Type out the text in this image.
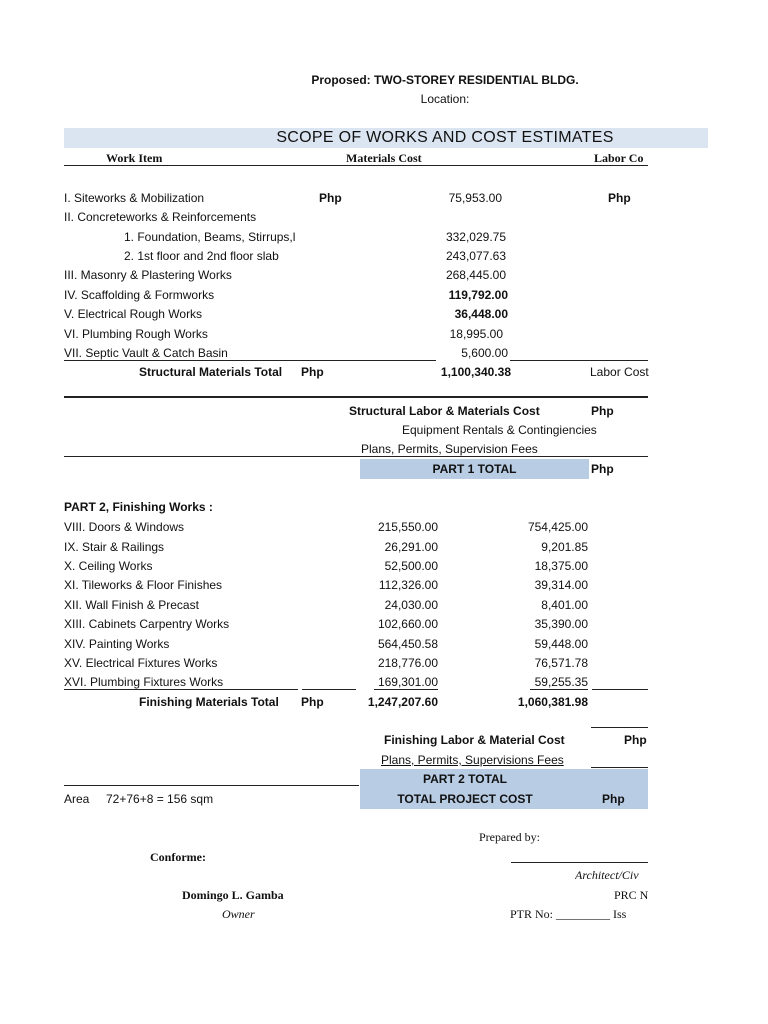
Proposed: TWO-STOREY RESIDENTIAL BLDG.
Location:
SCOPE OF WORKS AND COST ESTIMATES
Work Item	Materials Cost	Labor Co
I. Siteworks & Mobilization	Php	75,953.00	Php
II. Concreteworks & Reinforcements
1. Foundation, Beams, Stirrups,l	332,029.75
2. 1st floor and 2nd floor slab	243,077.63
III. Masonry & Plastering Works	268,445.00
IV. Scaffolding & Formworks	119,792.00
V. Electrical Rough Works	36,448.00
VI. Plumbing Rough Works	18,995.00
VII. Septic Vault & Catch Basin	5,600.00
Structural Materials Total Php	1,100,340.38	Labor Cost
Structural Labor & Materials Cost	Php
Equipment Rentals & Contingiencies
Plans, Permits, Supervision Fees
PART 1 TOTAL	Php
PART 2, Finishing Works :
VIII. Doors & Windows	215,550.00	754,425.00
IX. Stair & Railings	26,291.00	9,201.85
X. Ceiling Works	52,500.00	18,375.00
XI. Tileworks & Floor Finishes	112,326.00	39,314.00
XII. Wall Finish & Precast	24,030.00	8,401.00
XIII. Cabinets Carpentry Works	102,660.00	35,390.00
XIV. Painting Works	564,450.58	59,448.00
XV. Electrical Fixtures Works	218,776.00	76,571.78
XVI. Plumbing Fixtures Works	169,301.00	59,255.35
Finishing Materials Total Php	1,247,207.60	1,060,381.98
Finishing Labor & Material Cost	Php
Plans, Permits, Supervisions Fees
PART 2 TOTAL
TOTAL PROJECT COST	Php
Area 72+76+8 = 156 sqm
Prepared by:
Conforme:
Architect/Civ
Domingo L. Gamba	PRC N
Owner	PTR No: _________ Iss
